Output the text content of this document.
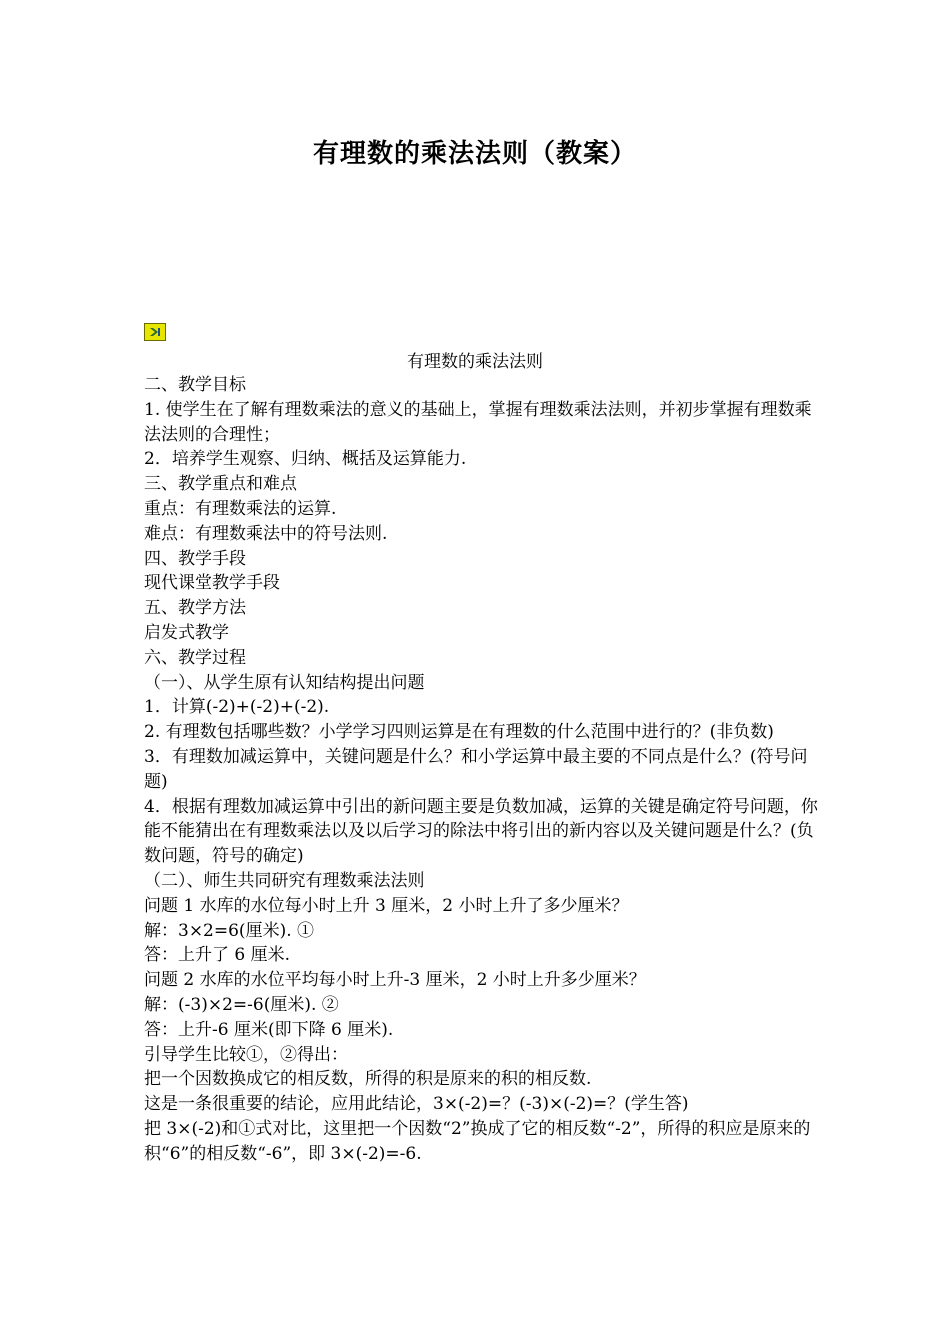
有理数的乘法法则（教案）
有理数的乘法法则

二、教学目标

1. 使学生在了解有理数乘法的意义的基础上，掌握有理数乘法法则，并初步掌握有理数乘法法则的合理性；

2．培养学生观察、归纳、概括及运算能力.

三、教学重点和难点

重点：有理数乘法的运算.

难点：有理数乘法中的符号法则.

四、教学手段

现代课堂教学手段

五、教学方法

启发式教学

六、教学过程

（一）、从学生原有认知结构提出问题

1．计算(-2)+(-2)+(-2).

2. 有理数包括哪些数？小学学习四则运算是在有理数的什么范围中进行的？(非负数)

3．有理数加减运算中，关键问题是什么？和小学运算中最主要的不同点是什么？(符号问题)

4．根据有理数加减运算中引出的新问题主要是负数加减，运算的关键是确定符号问题，你能不能猜出在有理数乘法以及以后学习的除法中将引出的新内容以及关键问题是什么？(负数问题，符号的确定)

（二）、师生共同研究有理数乘法法则

问题 1 水库的水位每小时上升 3 厘米，2 小时上升了多少厘米？

解：3×2=6(厘米). ①

答：上升了 6 厘米.

问题 2 水库的水位平均每小时上升-3 厘米，2 小时上升多少厘米？

解：(-3)×2=-6(厘米). ②

答：上升-6 厘米(即下降 6 厘米).

引导学生比较①，②得出：

把一个因数换成它的相反数，所得的积是原来的积的相反数.

这是一条很重要的结论，应用此结论，3×(-2)=？(-3)×(-2)=？(学生答)

把 3×(-2)和①式对比，这里把一个因数“2”换成了它的相反数“-2”，所得的积应是原来的积“6”的相反数“-6”，即 3×(-2)=-6.
